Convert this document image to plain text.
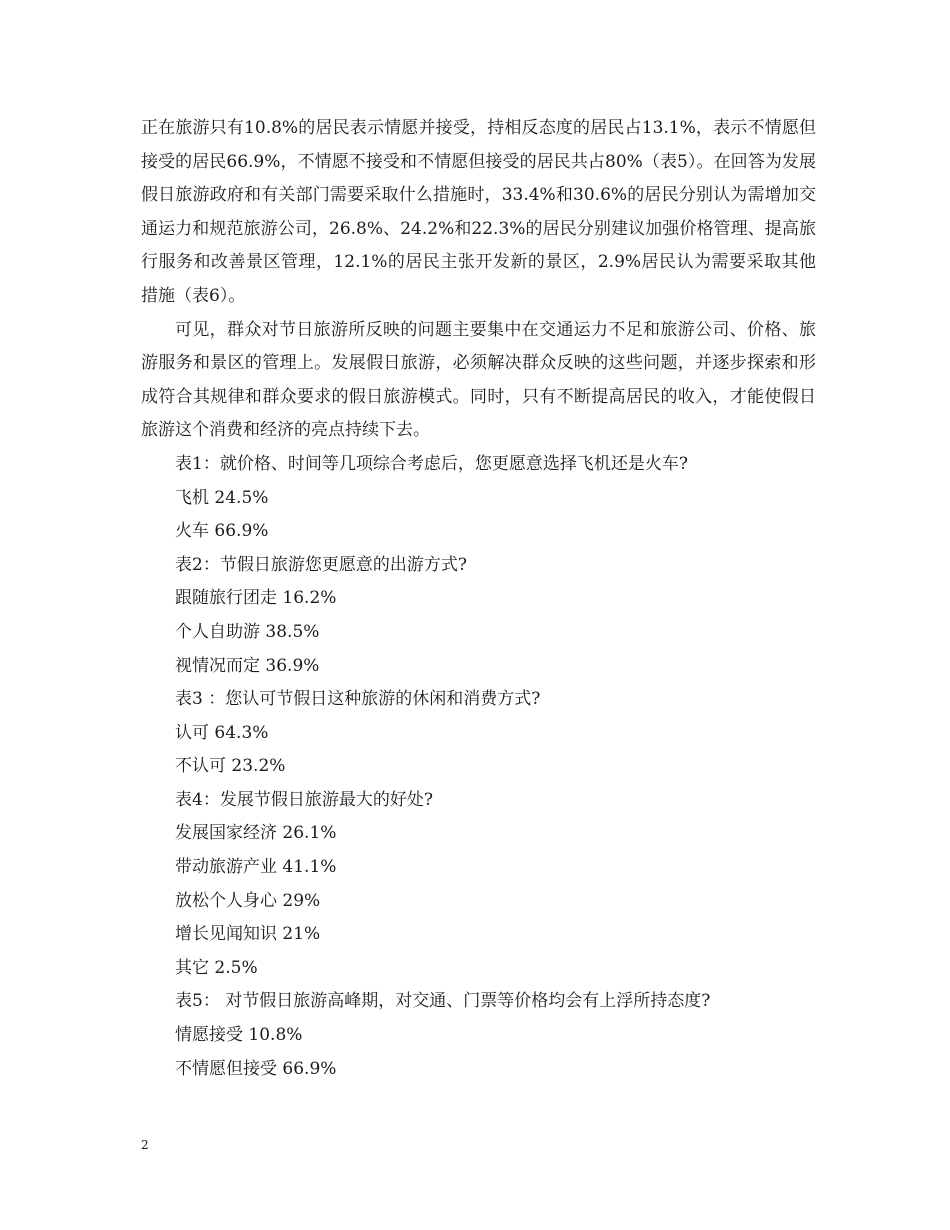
正在旅游只有10.8%的居民表示情愿并接受，持相反态度的居民占13.1%，表示不情愿但接受的居民66.9%，不情愿不接受和不情愿但接受的居民共占80%（表5）。在回答为发展假日旅游政府和有关部门需要采取什么措施时，33.4%和30.6%的居民分别认为需增加交通运力和规范旅游公司，26.8%、24.2%和22.3%的居民分别建议加强价格管理、提高旅行服务和改善景区管理，12.1%的居民主张开发新的景区，2.9%居民认为需要采取其他措施（表6）。

可见，群众对节日旅游所反映的问题主要集中在交通运力不足和旅游公司、价格、旅游服务和景区的管理上。发展假日旅游，必须解决群众反映的这些问题，并逐步探索和形成符合其规律和群众要求的假日旅游模式。同时，只有不断提高居民的收入，才能使假日旅游这个消费和经济的亮点持续下去。

表1：就价格、时间等几项综合考虑后，您更愿意选择飞机还是火车?
飞机 24.5%
火车 66.9%
表2：节假日旅游您更愿意的出游方式?
跟随旅行团走 16.2%
个人自助游 38.5%
视情况而定 36.9%
表3 ：您认可节假日这种旅游的休闲和消费方式?
认可 64.3%
不认可 23.2%
表4：发展节假日旅游最大的好处?
发展国家经济 26.1%
带动旅游产业 41.1%
放松个人身心 29%
增长见闻知识 21%
其它 2.5%
表5： 对节假日旅游高峰期，对交通、门票等价格均会有上浮所持态度?
情愿接受 10.8%
不情愿但接受 66.9%
2
